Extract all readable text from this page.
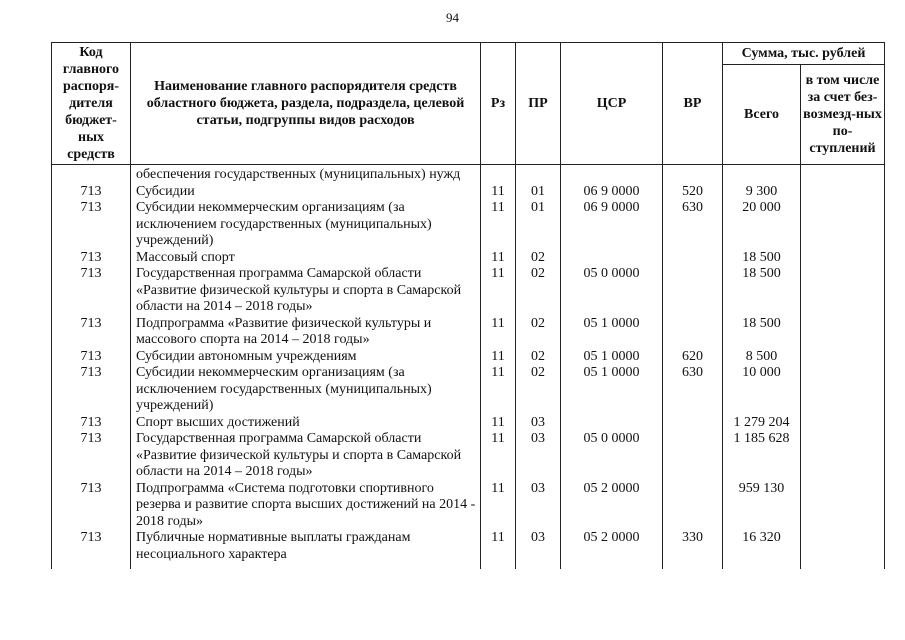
94
Код главного распоря-дителя бюджет-ных средств	Наименование главного распорядителя средств областного бюджета, раздела, подраздела, целевой статьи, подгруппы видов расходов	Рз	ПР	ЦСР	ВР	Сумма, тыс. рублей	
						Всего	в том числе за счет без-возмезд-ных по-ступлений
	обеспечения государственных (муниципальных) нужд						
713	Субсидии	11	01	06 9 0000	520	9 300	
713	Субсидии некоммерческим организациям (за исключением государственных (муниципальных) учреждений)	11	01	06 9 0000	630	20 000	
713	Массовый спорт	11	02			18 500	
713	Государственная программа Самарской области «Развитие физической культуры и спорта в Самарской области на 2014 – 2018 годы»	11	02	05 0 0000		18 500	
713	Подпрограмма «Развитие физической культуры и массового спорта на 2014 – 2018 годы»	11	02	05 1 0000		18 500	
713	Субсидии автономным учреждениям	11	02	05 1 0000	620	8 500	
713	Субсидии некоммерческим организациям (за исключением государственных (муниципальных) учреждений)	11	02	05 1 0000	630	10 000	
713	Спорт высших достижений	11	03			1 279 204	
713	Государственная программа Самарской области «Развитие физической культуры и спорта в Самарской области на 2014 – 2018 годы»	11	03	05 0 0000		1 185 628	
713	Подпрограмма «Система подготовки спортивного резерва и развитие спорта высших достижений на 2014 - 2018 годы»	11	03	05 2 0000		959 130	
713	Публичные нормативные выплаты гражданам несоциального характера	11	03	05 2 0000	330	16 320	
